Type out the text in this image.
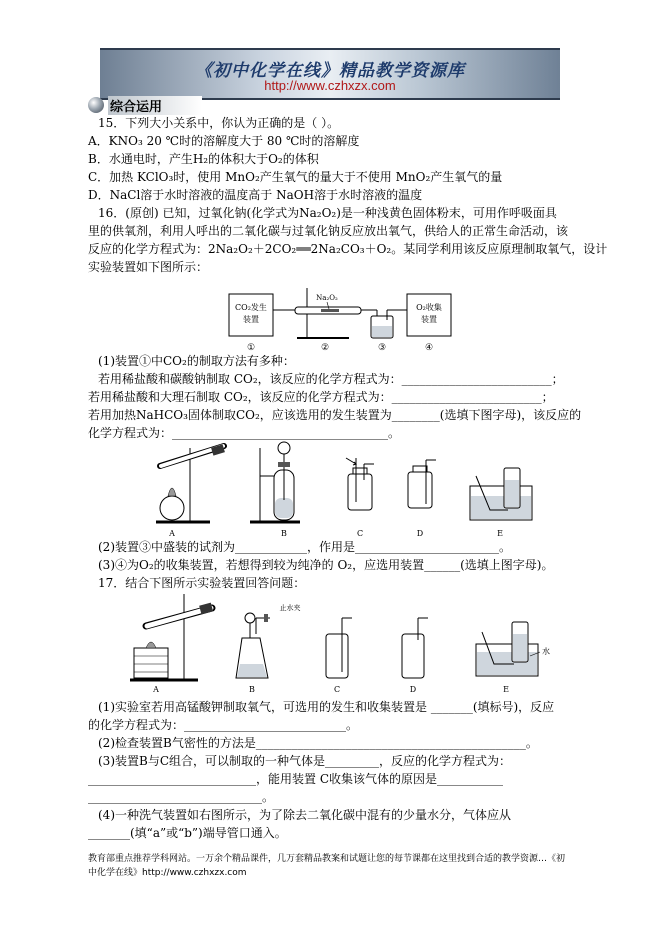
《初中化学在线》精品教学资源库
http://www.czhxzx.com
综合运用
15．下列大小关系中，你认为正确的是（ ）。
A．KNO₃ 20 ℃时的溶解度大于 80 ℃时的溶解度
B．水通电时，产生H₂的体积大于O₂的体积
C．加热 KClO₃时，使用 MnO₂产生氧气的量大于不使用 MnO₂产生氧气的量
D．NaCl溶于水时溶液的温度高于 NaOH溶于水时溶液的温度
16．(原创) 已知，过氧化钠(化学式为Na₂O₂)是一种浅黄色固体粉末，可用作呼吸面具
里的供氧剂，利用人呼出的二氧化碳与过氧化钠反应放出氧气，供给人的正常生命活动，该
反应的化学方程式为：2Na₂O₂＋2CO₂══2Na₂CO₃＋O₂。某同学利用该反应原理制取氧气，设计
实验装置如下图所示：
CO₂发生
装置
Na₂O₂
O₂收集
装置
①	②	③	④
(1)装置①中CO₂的制取方法有多种：
若用稀盐酸和碳酸钠制取 CO₂，该反应的化学方程式为：_________________________；
若用稀盐酸和大理石制取 CO₂，该反应的化学方程式为：_________________________；
若用加热NaHCO₃固体制取CO₂，应该选用的发生装置为________(选填下图字母)，该反应的
化学方程式为：____________________________________。
A	B	C	D	E
(2)装置③中盛装的试剂为____________，作用是________________________。
(3)④为O₂的收集装置，若想得到较为纯净的 O₂，应选用装置______(选填上图字母)。
17．结合下图所示实验装置回答问题：
A
止水夹
B	C	D
水
E
(1)实验室若用高锰酸钾制取氧气，可选用的发生和收集装置是 _______(填标号)，反应
的化学方程式为：___________________________。
(2)检查装置B气密性的方法是_____________________________________________。
(3)装置B与C组合，可以制取的一种气体是_________，反应的化学方程式为：
____________________________，能用装置 C收集该气体的原因是___________
_____________________________。
(4)一种洗气装置如右图所示，为了除去二氧化碳中混有的少量水分，气体应从
_______(填“a”或“b”)端导管口通入。
教育部重点推荐学科网站。一万余个精品课件，几万套精品教案和试题让您的每节课都在这里找到合适的教学资源…《初
中化学在线》http://www.czhxzx.com
